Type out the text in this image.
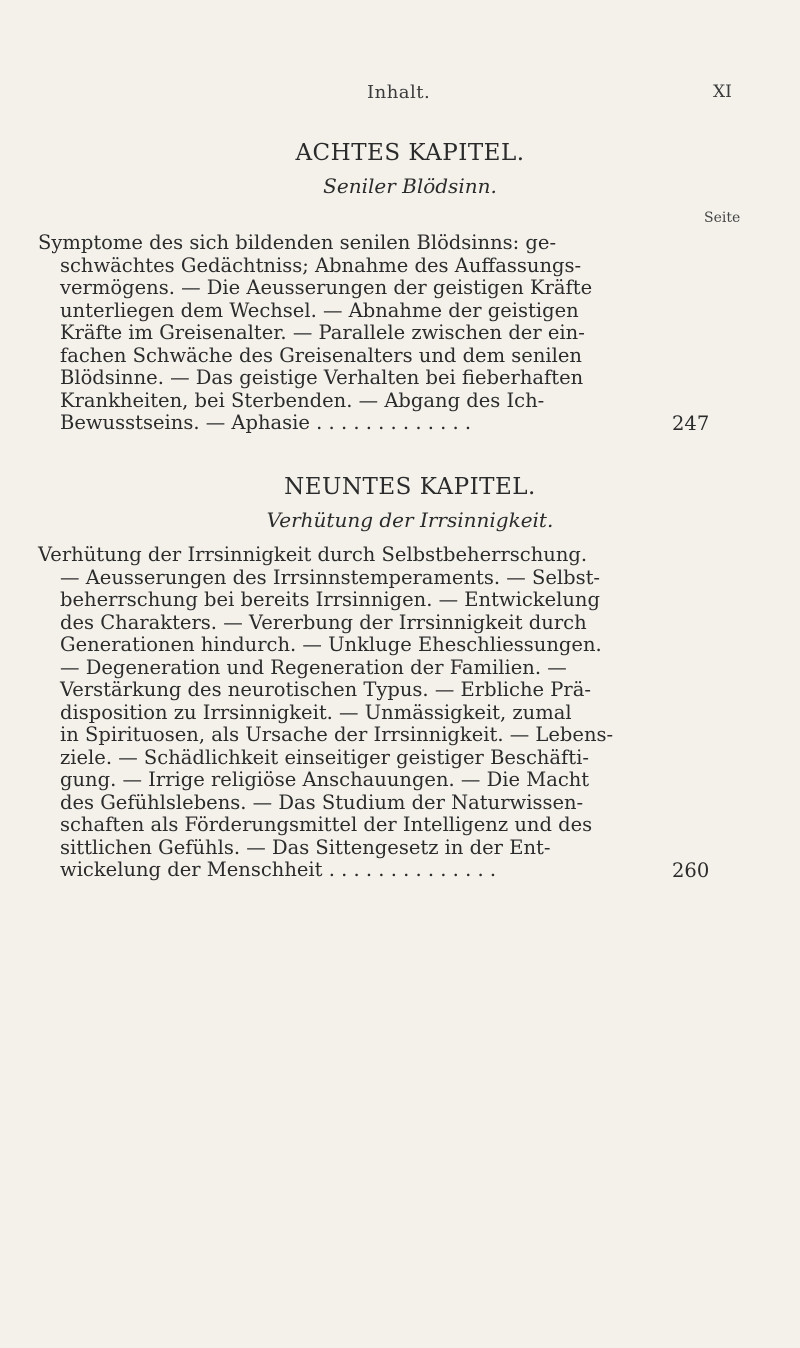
Inhalt.	XI
ACHTES KAPITEL.
Seniler Blödsinn.
Seite
Symptome des sich bildenden senilen Blödsinns: ge-
schwächtes Gedächtniss; Abnahme des Auffassungs-
vermögens. — Die Aeusserungen der geistigen Kräfte
unterliegen dem Wechsel. — Abnahme der geistigen
Kräfte im Greisenalter. — Parallele zwischen der ein-
fachen Schwäche des Greisenalters und dem senilen
Blödsinne. — Das geistige Verhalten bei fieberhaften
Krankheiten, bei Sterbenden. — Abgang des Ich-
Bewusstseins. — Aphasie . . . . . . . . . . . . .	247
NEUNTES KAPITEL.
Verhütung der Irrsinnigkeit.
Verhütung der Irrsinnigkeit durch Selbstbeherrschung.
— Aeusserungen des Irrsinnstemperaments. — Selbst-
beherrschung bei bereits Irrsinnigen. — Entwickelung
des Charakters. — Vererbung der Irrsinnigkeit durch
Generationen hindurch. — Unkluge Eheschliessungen.
— Degeneration und Regeneration der Familien. —
Verstärkung des neurotischen Typus. — Erbliche Prä-
disposition zu Irrsinnigkeit. — Unmässigkeit, zumal
in Spirituosen, als Ursache der Irrsinnigkeit. — Lebens-
ziele. — Schädlichkeit einseitiger geistiger Beschäfti-
gung. — Irrige religiöse Anschauungen. — Die Macht
des Gefühlslebens. — Das Studium der Naturwissen-
schaften als Förderungsmittel der Intelligenz und des
sittlichen Gefühls. — Das Sittengesetz in der Ent-
wickelung der Menschheit . . . . . . . . . . . . . .	260
